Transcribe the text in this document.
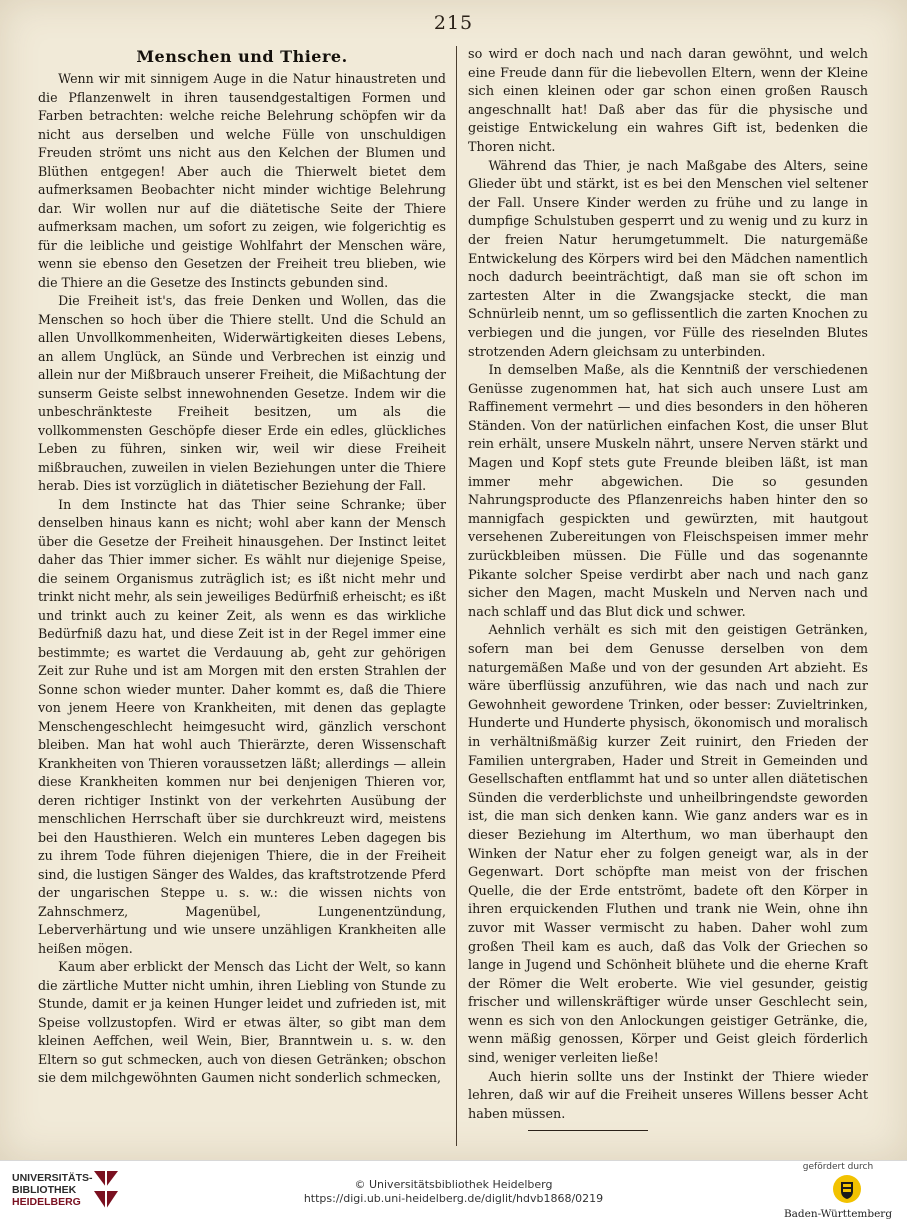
215
Menschen und Thiere.

Wenn wir mit sinnigem Auge in die Natur hinaustreten und die Pflanzenwelt in ihren tausendgestaltigen Formen und Farben betrachten: welche reiche Belehrung schöpfen wir da nicht aus derselben und welche Fülle von unschuldigen Freuden strömt uns nicht aus den Kelchen der Blumen und Blüthen entgegen! Aber auch die Thierwelt bietet dem aufmerksamen Beobachter nicht minder wichtige Belehrung dar. Wir wollen nur auf die diätetische Seite der Thiere aufmerksam machen, um sofort zu zeigen, wie folgerichtig es für die leibliche und geistige Wohlfahrt der Menschen wäre, wenn sie ebenso den Gesetzen der Freiheit treu blieben, wie die Thiere an die Gesetze des Instincts gebunden sind.

Die Freiheit ist's, das freie Denken und Wollen, das die Menschen so hoch über die Thiere stellt. Und die Schuld an allen Unvollkommenheiten, Widerwärtigkeiten dieses Lebens, an allem Unglück, an Sünde und Verbrechen ist einzig und allein nur der Mißbrauch unserer Freiheit, die Mißachtung der sunserm Geiste selbst innewohnenden Gesetze. Indem wir die unbeschränkteste Freiheit besitzen, um als die vollkommensten Geschöpfe dieser Erde ein edles, glückliches Leben zu führen, sinken wir, weil wir diese Freiheit mißbrauchen, zuweilen in vielen Beziehungen unter die Thiere herab. Dies ist vorzüglich in diätetischer Beziehung der Fall.

In dem Instincte hat das Thier seine Schranke; über denselben hinaus kann es nicht; wohl aber kann der Mensch über die Gesetze der Freiheit hinausgehen. Der Instinct leitet daher das Thier immer sicher. Es wählt nur diejenige Speise, die seinem Organismus zuträglich ist; es ißt nicht mehr und trinkt nicht mehr, als sein jeweiliges Bedürfniß erheischt; es ißt und trinkt auch zu keiner Zeit, als wenn es das wirkliche Bedürfniß dazu hat, und diese Zeit ist in der Regel immer eine bestimmte; es wartet die Verdauung ab, geht zur gehörigen Zeit zur Ruhe und ist am Morgen mit den ersten Strahlen der Sonne schon wieder munter. Daher kommt es, daß die Thiere von jenem Heere von Krankheiten, mit denen das geplagte Menschengeschlecht heimgesucht wird, gänzlich verschont bleiben. Man hat wohl auch Thierärzte, deren Wissenschaft Krankheiten von Thieren voraussetzen läßt; allerdings — allein diese Krankheiten kommen nur bei denjenigen Thieren vor, deren richtiger Instinkt von der verkehrten Ausübung der menschlichen Herrschaft über sie durchkreuzt wird, meistens bei den Hausthieren. Welch ein munteres Leben dagegen bis zu ihrem Tode führen diejenigen Thiere, die in der Freiheit sind, die lustigen Sänger des Waldes, das kraftstrotzende Pferd der ungarischen Steppe u. s. w.: die wissen nichts von Zahnschmerz, Magenübel, Lungenentzündung, Leberverhärtung und wie unsere unzähligen Krankheiten alle heißen mögen.

Kaum aber erblickt der Mensch das Licht der Welt, so kann die zärtliche Mutter nicht umhin, ihren Liebling von Stunde zu Stunde, damit er ja keinen Hunger leidet und zufrieden ist, mit Speise vollzustopfen. Wird er etwas älter, so gibt man dem kleinen Aeffchen, weil Wein, Bier, Branntwein u. s. w. den Eltern so gut schmecken, auch von diesen Getränken; obschon sie dem milchgewöhnten Gaumen nicht sonderlich schmecken,

so wird er doch nach und nach daran gewöhnt, und welch eine Freude dann für die liebevollen Eltern, wenn der Kleine sich einen kleinen oder gar schon einen großen Rausch angeschnallt hat! Daß aber das für die physische und geistige Entwickelung ein wahres Gift ist, bedenken die Thoren nicht.

Während das Thier, je nach Maßgabe des Alters, seine Glieder übt und stärkt, ist es bei den Menschen viel seltener der Fall. Unsere Kinder werden zu frühe und zu lange in dumpfige Schulstuben gesperrt und zu wenig und zu kurz in der freien Natur herumgetummelt. Die naturgemäße Entwickelung des Körpers wird bei den Mädchen namentlich noch dadurch beeinträchtigt, daß man sie oft schon im zartesten Alter in die Zwangsjacke steckt, die man Schnürleib nennt, um so geflissentlich die zarten Knochen zu verbiegen und die jungen, vor Fülle des rieselnden Blutes strotzenden Adern gleichsam zu unterbinden.

In demselben Maße, als die Kenntniß der verschiedenen Genüsse zugenommen hat, hat sich auch unsere Lust am Raffinement vermehrt — und dies besonders in den höheren Ständen. Von der natürlichen einfachen Kost, die unser Blut rein erhält, unsere Muskeln nährt, unsere Nerven stärkt und Magen und Kopf stets gute Freunde bleiben läßt, ist man immer mehr abgewichen. Die so gesunden Nahrungsproducte des Pflanzenreichs haben hinter den so mannigfach gespickten und gewürzten, mit hautgout versehenen Zubereitungen von Fleischspeisen immer mehr zurückbleiben müssen. Die Fülle und das sogenannte Pikante solcher Speise verdirbt aber nach und nach ganz sicher den Magen, macht Muskeln und Nerven nach und nach schlaff und das Blut dick und schwer.

Aehnlich verhält es sich mit den geistigen Getränken, sofern man bei dem Genusse derselben von dem naturgemäßen Maße und von der gesunden Art abzieht. Es wäre überflüssig anzuführen, wie das nach und nach zur Gewohnheit gewordene Trinken, oder besser: Zuvieltrinken, Hunderte und Hunderte physisch, ökonomisch und moralisch in verhältnißmäßig kurzer Zeit ruinirt, den Frieden der Familien untergraben, Hader und Streit in Gemeinden und Gesellschaften entflammt hat und so unter allen diätetischen Sünden die verderblichste und unheilbringendste geworden ist, die man sich denken kann. Wie ganz anders war es in dieser Beziehung im Alterthum, wo man überhaupt den Winken der Natur eher zu folgen geneigt war, als in der Gegenwart. Dort schöpfte man meist von der frischen Quelle, die der Erde entströmt, badete oft den Körper in ihren erquickenden Fluthen und trank nie Wein, ohne ihn zuvor mit Wasser vermischt zu haben. Daher wohl zum großen Theil kam es auch, daß das Volk der Griechen so lange in Jugend und Schönheit blühete und die eherne Kraft der Römer die Welt eroberte. Wie viel gesunder, geistig frischer und willenskräftiger würde unser Geschlecht sein, wenn es sich von den Anlockungen geistiger Getränke, die, wenn mäßig genossen, Körper und Geist gleich förderlich sind, weniger verleiten ließe!

Auch hierin sollte uns der Instinkt der Thiere wieder lehren, daß wir auf die Freiheit unseres Willens besser Acht haben müssen.

UNIVERSITÄTS-
BIBLIOTHEK
HEIDELBERG
© Universitätsbibliothek Heidelberg
https://digi.ub.uni-heidelberg.de/diglit/hdvb1868/0219
gefördert durch
Baden-Württemberg
